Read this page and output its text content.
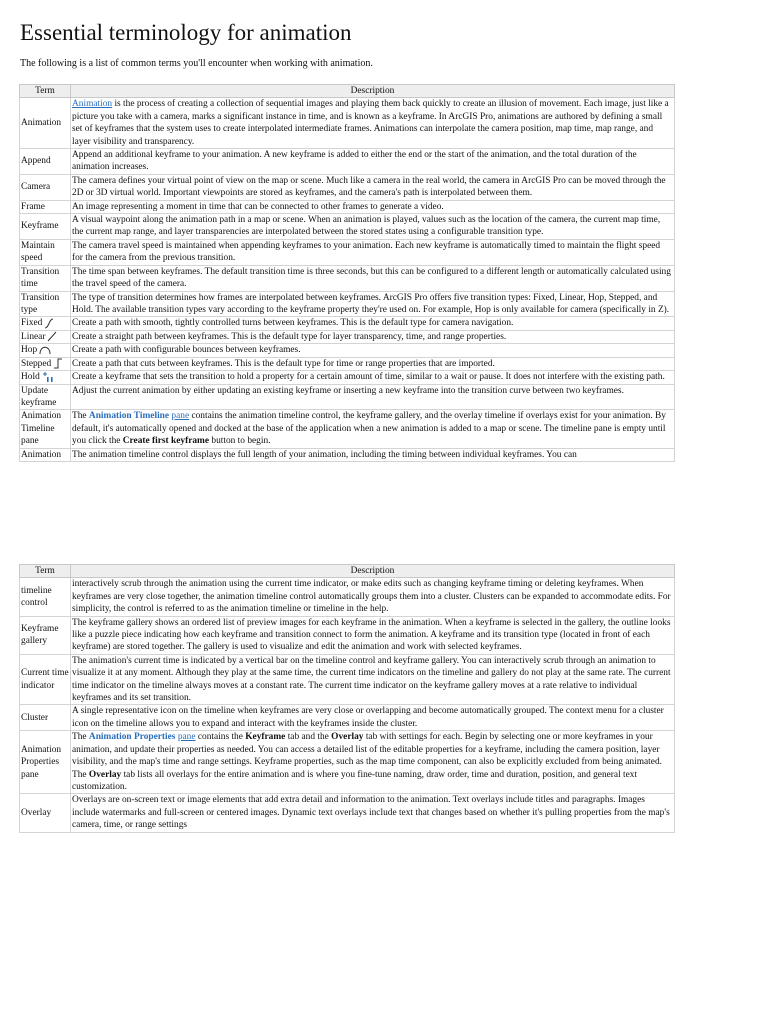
Essential terminology for animation

The following is a list of common terms you'll encounter when working with animation.

Term	Description
Animation	Animation is the process of creating a collection of sequential images and playing them back quickly to create an illusion of movement. Each image, just like a picture you take with a camera, marks a significant instance in time, and is known as a keyframe. In ArcGIS Pro, animations are authored by defining a small set of keyframes that the system uses to create interpolated intermediate frames. Animations can interpolate the camera position, map time, map range, and layer visibility and transparency.
Append	Append an additional keyframe to your animation. A new keyframe is added to either the end or the start of the animation, and the total duration of the animation increases.
Camera	The camera defines your virtual point of view on the map or scene. Much like a camera in the real world, the camera in ArcGIS Pro can be moved through the 2D or 3D virtual world. Important viewpoints are stored as keyframes, and the camera's path is interpolated between them.
Frame	An image representing a moment in time that can be connected to other frames to generate a video.
Keyframe	A visual waypoint along the animation path in a map or scene. When an animation is played, values such as the location of the camera, the current map time, the current map range, and layer transparencies are interpolated between the stored states using a configurable transition type.
Maintain speed	The camera travel speed is maintained when appending keyframes to your animation. Each new keyframe is automatically timed to maintain the flight speed for the camera from the previous transition.
Transition time	The time span between keyframes. The default transition time is three seconds, but this can be configured to a different length or automatically calculated using the travel speed of the camera.
Transition type	The type of transition determines how frames are interpolated between keyframes. ArcGIS Pro offers five transition types: Fixed, Linear, Hop, Stepped, and Hold. The available transition types vary according to the keyframe property they're used on. For example, Hop is only available for camera (specifically in Z).
Fixed	Create a path with smooth, tightly controlled turns between keyframes. This is the default type for camera navigation.
Linear	Create a straight path between keyframes. This is the default type for layer transparency, time, and range properties.
Hop	Create a path with configurable bounces between keyframes.
Stepped	Create a path that cuts between keyframes. This is the default type for time or range properties that are imported.
Hold	Create a keyframe that sets the transition to hold a property for a certain amount of time, similar to a wait or pause. It does not interfere with the existing path.
Update keyframe	Adjust the current animation by either updating an existing keyframe or inserting a new keyframe into the transition curve between two keyframes.
Animation Timeline pane	The Animation Timeline pane contains the animation timeline control, the keyframe gallery, and the overlay timeline if overlays exist for your animation. By default, it's automatically opened and docked at the base of the application when a new animation is added to a map or scene. The timeline pane is empty until you click the Create first keyframe button to begin.
Animation	The animation timeline control displays the full length of your animation, including the timing between individual keyframes. You can
Term	Description
timeline control	interactively scrub through the animation using the current time indicator, or make edits such as changing keyframe timing or deleting keyframes. When keyframes are very close together, the animation timeline control automatically groups them into a cluster. Clusters can be expanded to accommodate edits. For simplicity, the control is referred to as the animation timeline or timeline in the help.
Keyframe gallery	The keyframe gallery shows an ordered list of preview images for each keyframe in the animation. When a keyframe is selected in the gallery, the outline looks like a puzzle piece indicating how each keyframe and transition connect to form the animation. A keyframe and its transition type (located in front of each keyframe) are stored together. The gallery is used to visualize and edit the animation and work with selected keyframes.
Current time indicator	The animation's current time is indicated by a vertical bar on the timeline control and keyframe gallery. You can interactively scrub through an animation to visualize it at any moment. Although they play at the same time, the current time indicators on the timeline and gallery do not play at the same rate. The current time indicator on the timeline always moves at a constant rate. The current time indicator on the keyframe gallery moves at a rate relative to individual keyframes and its set transition.
Cluster	A single representative icon on the timeline when keyframes are very close or overlapping and become automatically grouped. The context menu for a cluster icon on the timeline allows you to expand and interact with the keyframes inside the cluster.
Animation Properties pane	The Animation Properties pane contains the Keyframe tab and the Overlay tab with settings for each. Begin by selecting one or more keyframes in your animation, and update their properties as needed. You can access a detailed list of the editable properties for a keyframe, including the camera position, layer visibility, and the map's time and range settings. Keyframe properties, such as the map time component, can also be explicitly excluded from being animated. The Overlay tab lists all overlays for the entire animation and is where you fine-tune naming, draw order, time and duration, position, and general text customization.
Overlay	Overlays are on-screen text or image elements that add extra detail and information to the animation. Text overlays include titles and paragraphs. Images include watermarks and full-screen or centered images. Dynamic text overlays include text that changes based on whether it's pulling properties from the map's camera, time, or range settings
